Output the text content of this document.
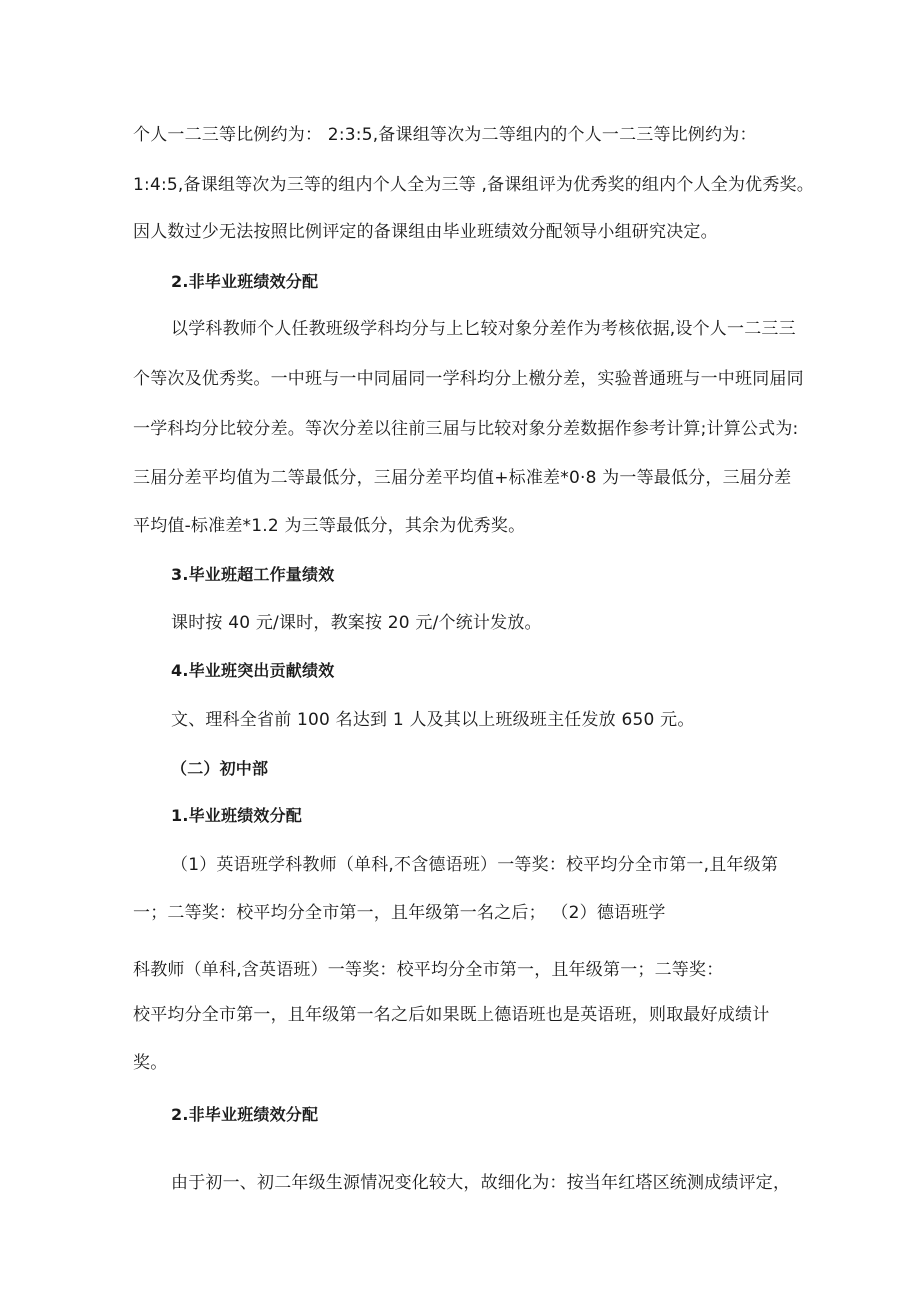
个人一二三等比例约为： 2:3:5,备课组等次为二等组内的个人一二三等比例约为：
1:4:5,备课组等次为三等的组内个人全为三等 ,备课组评为优秀奖的组内个人全为优秀奖。
因人数过少无法按照比例评定的备课组由毕业班绩效分配领导小组研究决定。
2.非毕业班绩效分配
以学科教师个人任教班级学科均分与上匕较对象分差作为考核依据,设个人一二三三
个等次及优秀奖。一中班与一中同届同一学科均分上檄分差，实验普通班与一中班同届同
一学科均分比较分差。等次分差以往前三届与比较对象分差数据作参考计算;计算公式为:
三届分差平均值为二等最低分，三届分差平均值+标准差*0·8 为一等最低分，三届分差
平均值-标准差*1.2 为三等最低分，其余为优秀奖。
3.毕业班超工作量绩效
课时按 40 元/课时，教案按 20 元/个统计发放。
4.毕业班突出贡献绩效
文、理科全省前 100 名达到 1 人及其以上班级班主任发放 650 元。
（二）初中部
1.毕业班绩效分配
（1）英语班学科教师（单科,不含德语班）一等奖：校平均分全市第一,且年级第
一；二等奖：校平均分全市第一，且年级第一名之后； （2）德语班学
科教师（单科,含英语班）一等奖：校平均分全市第一，且年级第一；二等奖：
校平均分全市第一，且年级第一名之后如果既上德语班也是英语班，则取最好成绩计
奖。
2.非毕业班绩效分配
由于初一、初二年级生源情况变化较大，故细化为：按当年红塔区统测成绩评定，
